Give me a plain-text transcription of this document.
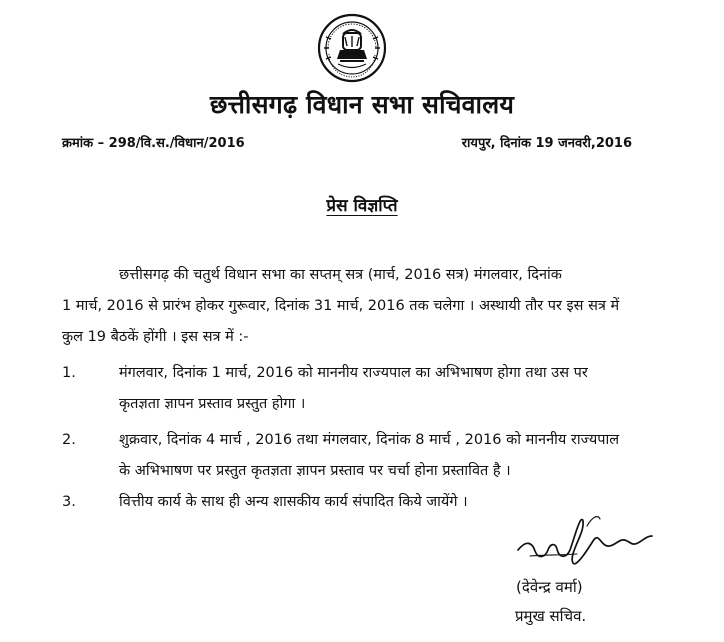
छत्तीसगढ़ विधान सभा सचिवालय
क्रमांक – 298/वि.स./विधान/2016	रायपुर, दिनांक 19 जनवरी,2016
प्रेस विज्ञप्ति
छत्तीसगढ़ की चतुर्थ विधान सभा का सप्तम् सत्र (मार्च, 2016 सत्र) मंगलवार, दिनांक
1 मार्च, 2016 से प्रारंभ होकर गुरूवार, दिनांक 31 मार्च, 2016 तक चलेगा । अस्थायी तौर पर इस सत्र में
कुल 19 बैठकें होंगी । इस सत्र में :-
1.	मंगलवार, दिनांक 1 मार्च, 2016 को माननीय राज्यपाल का अभिभाषण होगा तथा उस पर
कृतज्ञता ज्ञापन प्रस्ताव प्रस्तुत होगा ।
2.	शुक्रवार, दिनांक 4 मार्च , 2016 तथा मंगलवार, दिनांक 8 मार्च , 2016 को माननीय राज्यपाल
के अभिभाषण पर प्रस्तुत कृतज्ञता ज्ञापन प्रस्ताव पर चर्चा होना प्रस्तावित है ।
3.	वित्तीय कार्य के साथ ही अन्य शासकीय कार्य संपादित किये जायेंगे ।
(देवेन्द्र वर्मा)
प्रमुख सचिव.
